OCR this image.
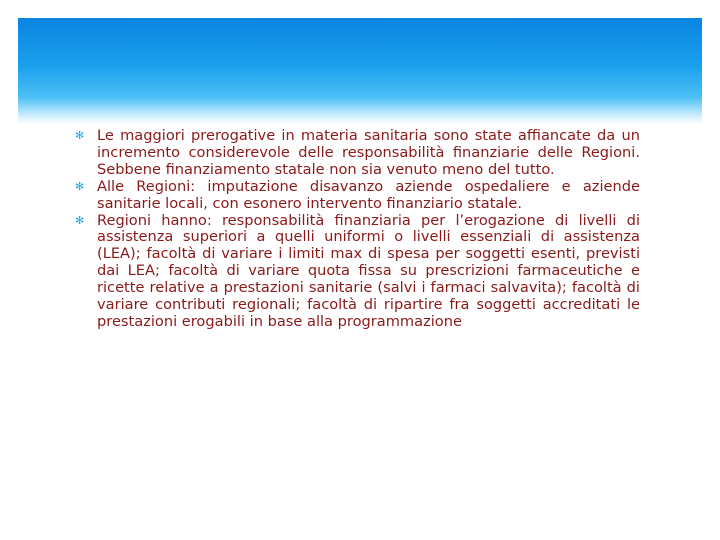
✻ Le maggiori prerogative in materia sanitaria sono state affiancate da un incremento considerevole delle responsabilità finanziarie delle Regioni. Sebbene finanziamento statale non sia venuto meno del tutto.
✻ Alle Regioni: imputazione disavanzo aziende ospedaliere e aziende sanitarie locali, con esonero intervento finanziario statale.
✻ Regioni hanno: responsabilità finanziaria per l’erogazione di livelli di assistenza superiori a quelli uniformi o livelli essenziali di assistenza (LEA); facoltà di variare i limiti max di spesa per soggetti esenti, previsti dai LEA; facoltà di variare quota fissa su prescrizioni farmaceutiche e ricette relative a prestazioni sanitarie (salvi i farmaci salvavita); facoltà di variare contributi regionali; facoltà di ripartire fra soggetti accreditati le prestazioni erogabili in base alla programmazione
